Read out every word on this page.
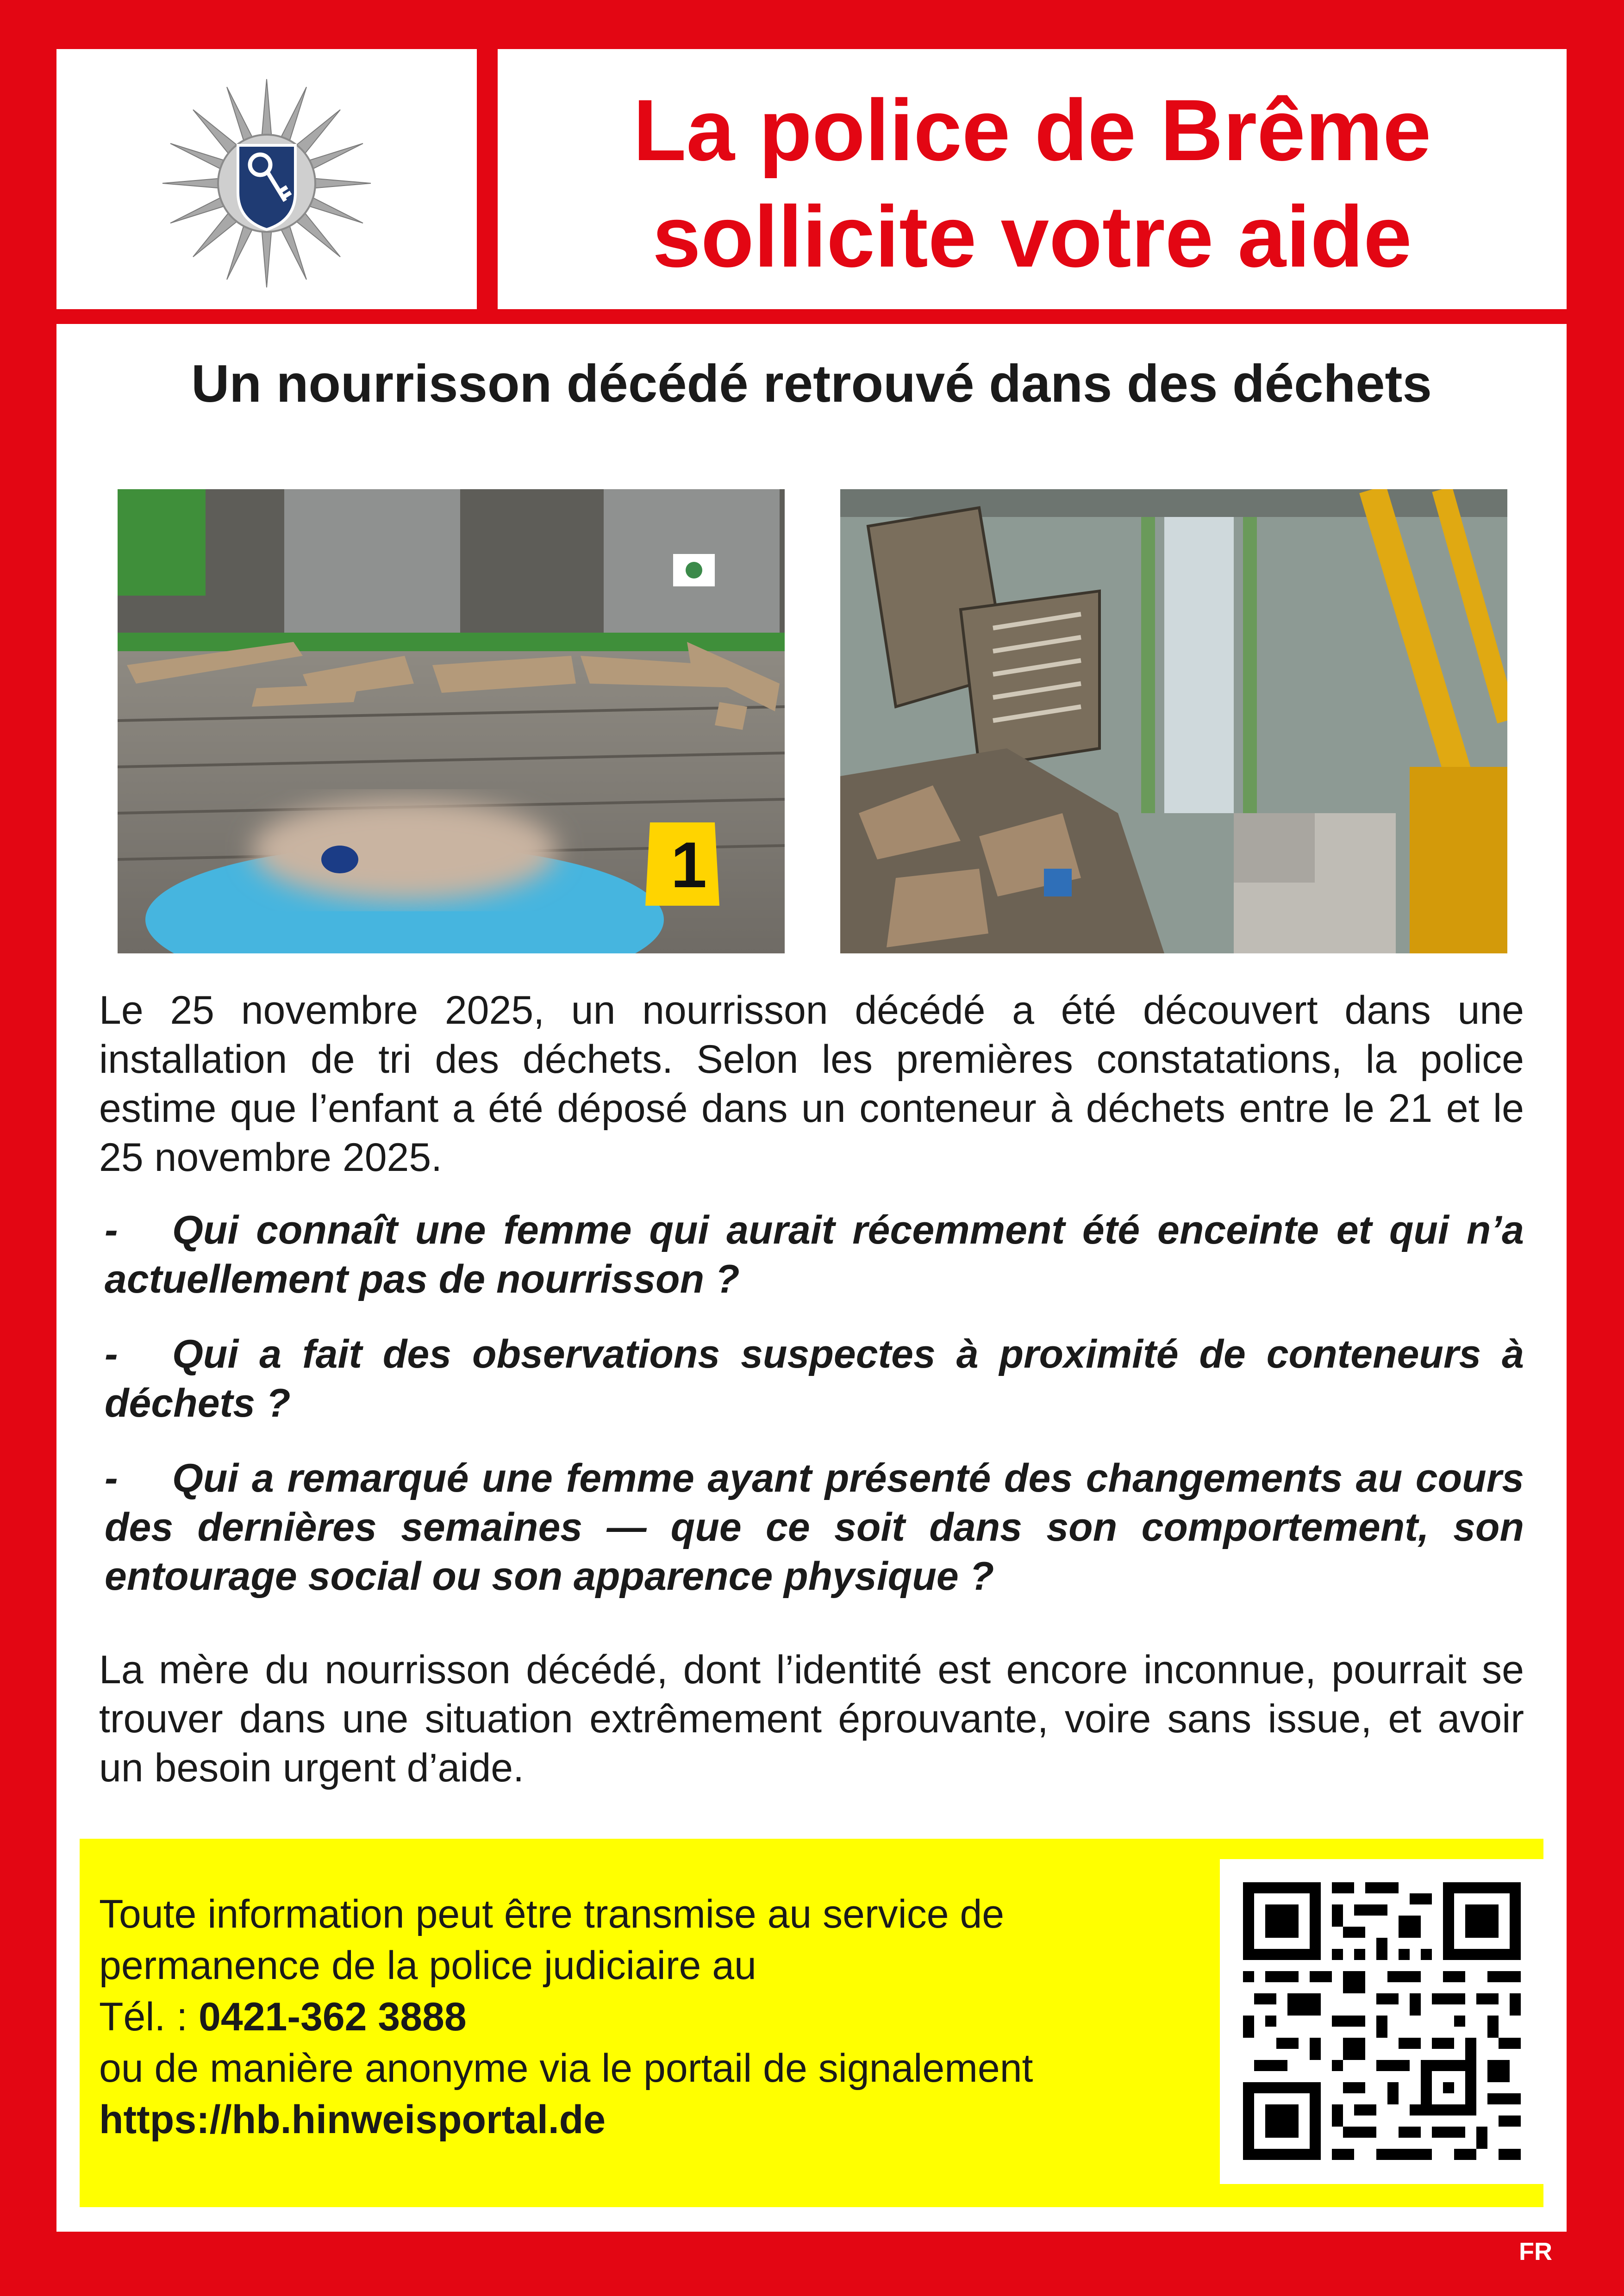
La police de Brême
sollicite votre aide
Un nourrisson décédé retrouvé dans des déchets
1

Le 25 novembre 2025, un nourrisson décédé a été découvert dans une installation de tri des déchets. Selon les premières constatations, la police estime que l’enfant a été déposé dans un conteneur à déchets entre le 21 et le 25 novembre 2025.

- Qui connaît une femme qui aurait récemment été enceinte et qui n’a actuellement pas de nourrisson ?
- Qui a fait des observations suspectes à proximité de conteneurs à déchets ?
- Qui a remarqué une femme ayant présenté des changements au cours des dernières semaines — que ce soit dans son comportement, son entourage social ou son apparence physique ?

La mère du nourrisson décédé, dont l’identité est encore inconnue, pourrait se trouver dans une situation extrêmement éprouvante, voire sans issue, et avoir un besoin urgent d’aide.

Toute information peut être transmise au service de
permanence de la police judiciaire au
Tél. : 0421-362 3888
ou de manière anonyme via le portail de signalement
https://hb.hinweisportal.de
FR
